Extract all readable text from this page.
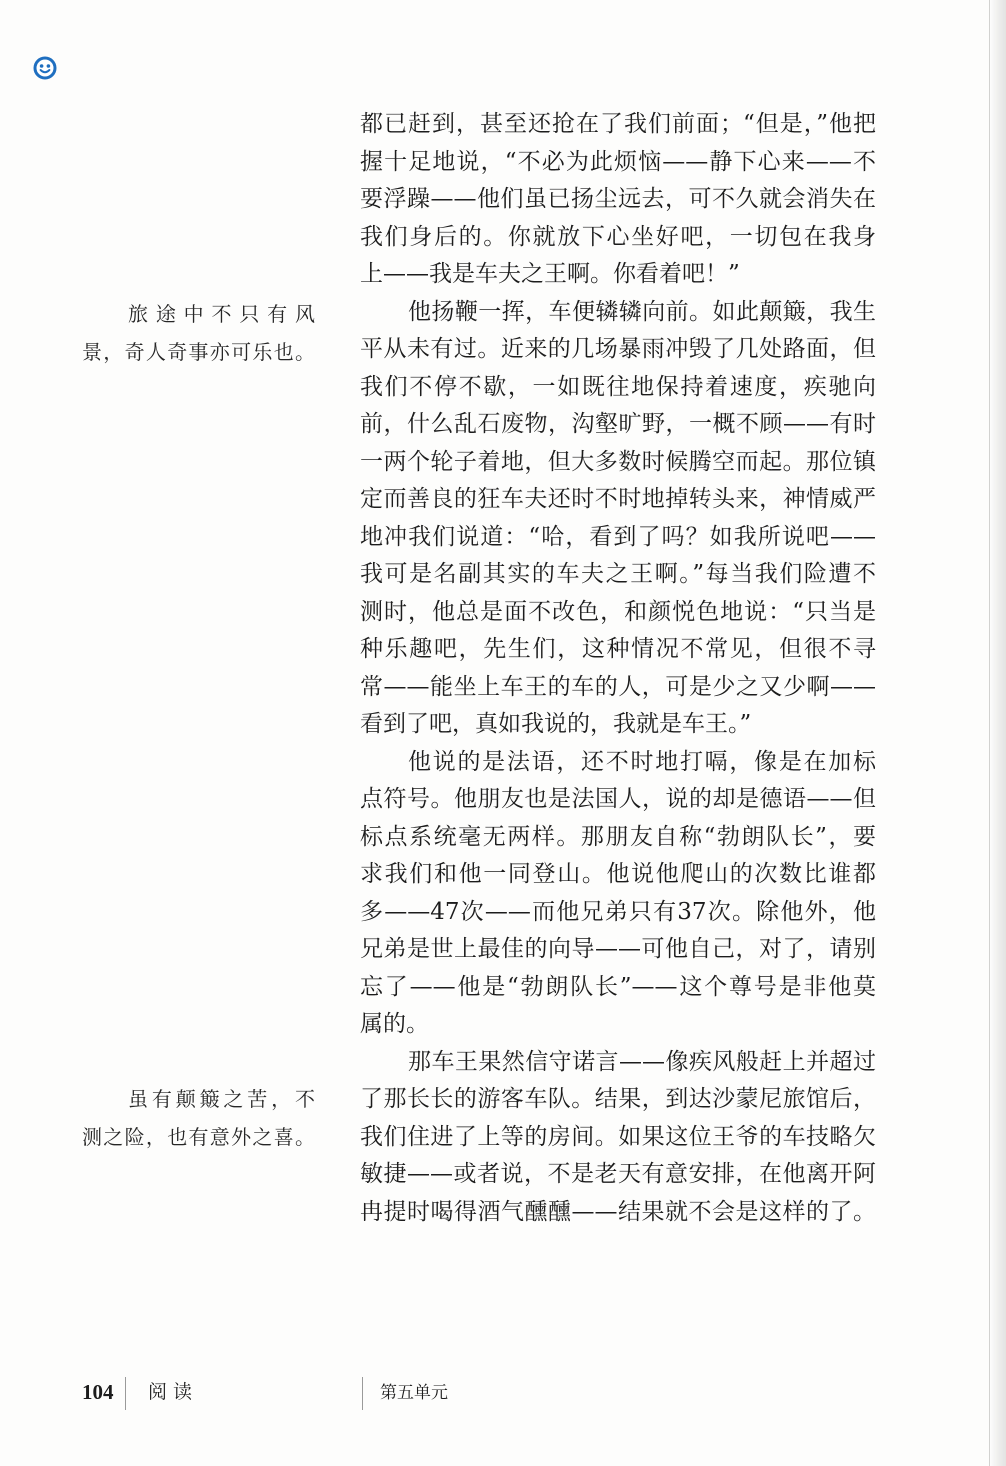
都已赶到，甚至还抢在了我们前面；“但是，”他把
握十足地说，“不必为此烦恼——静下心来——不
要浮躁——他们虽已扬尘远去，可不久就会消失在
我们身后的。你就放下心坐好吧，一切包在我身
上——我是车夫之王啊。你看着吧！”
他扬鞭一挥，车便辚辚向前。如此颠簸，我生
平从未有过。近来的几场暴雨冲毁了几处路面，但
我们不停不歇，一如既往地保持着速度，疾驰向
前，什么乱石废物，沟壑旷野，一概不顾——有时
一两个轮子着地，但大多数时候腾空而起。那位镇
定而善良的狂车夫还时不时地掉转头来，神情威严
地冲我们说道：“哈，看到了吗？如我所说吧——
我可是名副其实的车夫之王啊。”每当我们险遭不
测时，他总是面不改色，和颜悦色地说：“只当是
种乐趣吧，先生们，这种情况不常见，但很不寻
常——能坐上车王的车的人，可是少之又少啊——
看到了吧，真如我说的，我就是车王。”
他说的是法语，还不时地打嗝，像是在加标
点符号。他朋友也是法国人，说的却是德语——但
标点系统毫无两样。那朋友自称“勃朗队长”，要
求我们和他一同登山。他说他爬山的次数比谁都
多——47次——而他兄弟只有37次。除他外，他
兄弟是世上最佳的向导——可他自己，对了，请别
忘了——他是“勃朗队长”——这个尊号是非他莫
属的。
那车王果然信守诺言——像疾风般赶上并超过
了那长长的游客车队。结果，到达沙蒙尼旅馆后，
我们住进了上等的房间。如果这位王爷的车技略欠
敏捷——或者说，不是老天有意安排，在他离开阿
冉提时喝得酒气醺醺——结果就不会是这样的了。
旅途中不只有风
景，奇人奇事亦可乐也。
虽有颠簸之苦，不
测之险，也有意外之喜。
104 阅 读	第五单元
